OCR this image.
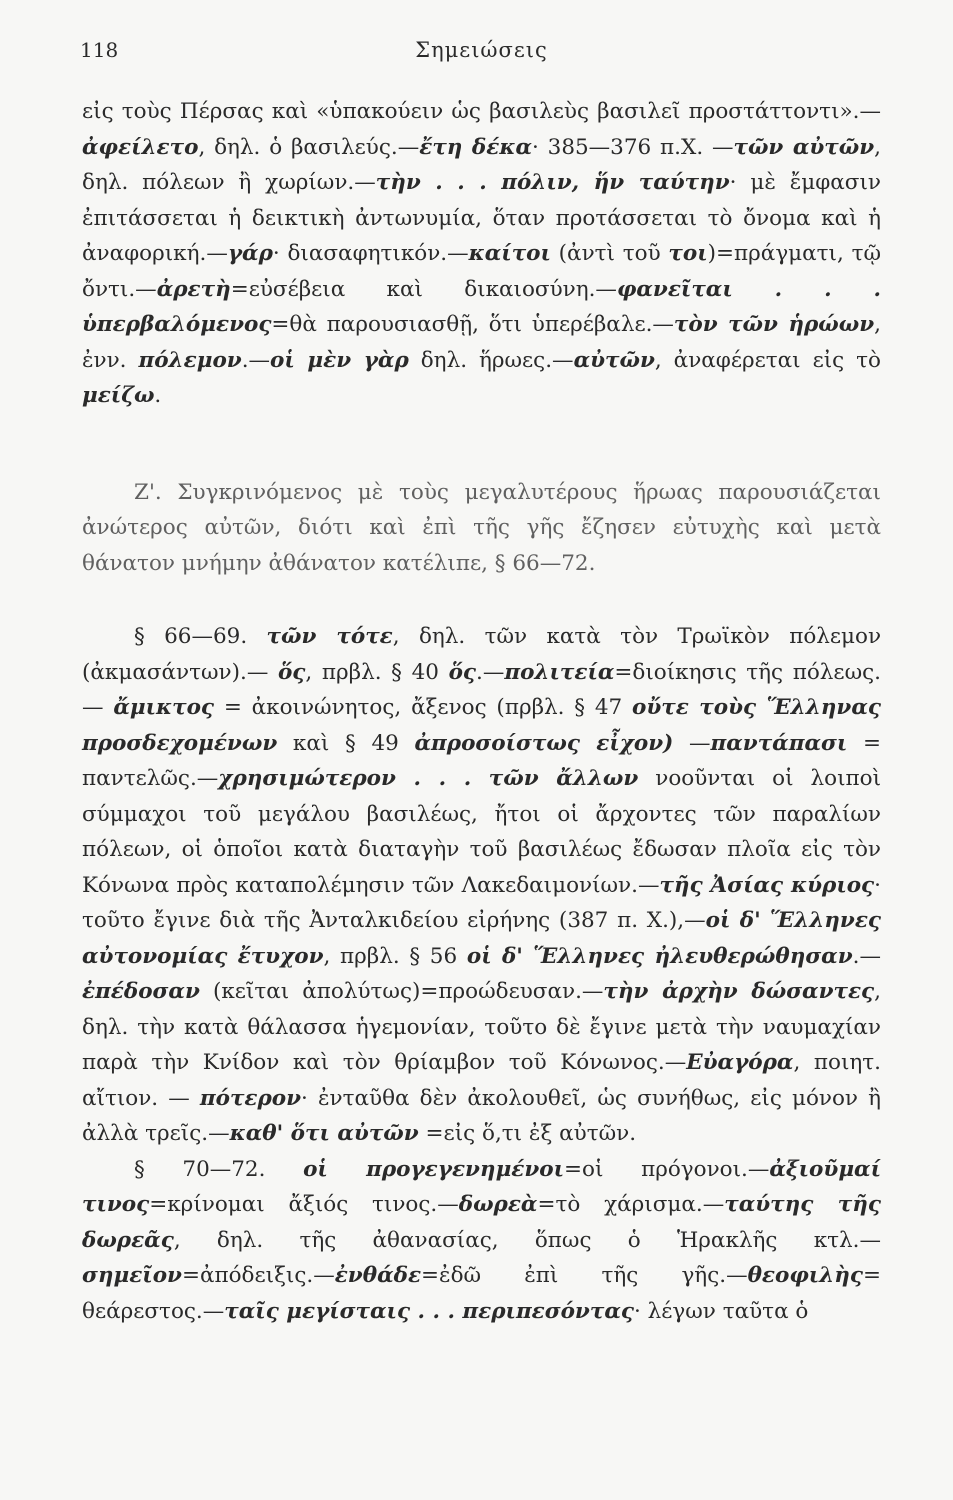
118	Σημειώσεις

εἰς τοὺς Πέρσας καὶ «ὑπακούειν ὡς βασιλεὺς βασιλεῖ προστάττοντι».—ἀφείλετο, δηλ. ὁ βασιλεύς.—ἔτη δέκα· 385—376 π.Χ. —τῶν αὐτῶν, δηλ. πόλεων ἢ χωρίων.—τὴν . . . πόλιν, ἥν ταύτην· μὲ ἔμφασιν ἐπιτάσσεται ἡ δεικτικὴ ἀντωνυμία, ὅταν προτάσσεται τὸ ὄνομα καὶ ἡ ἀναφορική.—γάρ· διασαφητικόν.—καίτοι (ἀντὶ τοῦ τοι)=πράγματι, τῷ ὄντι.—ἀρετὴ=εὐσέβεια καὶ δικαιοσύνη.—φανεῖται . . . ὑπερβαλόμενος=θὰ παρουσιασθῇ, ὅτι ὑπερέβαλε.—τὸν τῶν ἡρώων, ἐνν. πόλεμον.—οἱ μὲν γὰρ δηλ. ἥρωες.—αὐτῶν, ἀναφέρεται εἰς τὸ μείζω.

Ζ'. Συγκρινόμενος μὲ τοὺς μεγαλυτέρους ἥρωας παρουσιάζεται ἀνώτερος αὐτῶν, διότι καὶ ἐπὶ τῆς γῆς ἔζησεν εὐτυχὴς καὶ μετὰ θάνατον μνήμην ἀθάνατον κατέλιπε, § 66—72.

§ 66—69. τῶν τότε, δηλ. τῶν κατὰ τὸν Τρωϊκὸν πόλεμον (ἀκμασάντων).— ὅς, πρβλ. § 40 ὅς.—πολιτεία=διοίκησις τῆς πόλεως.— ἄμικτος = ἀκοινώνητος, ἄξενος (πρβλ. § 47 οὔτε τοὺς Ἕλληνας προσδεχομένων καὶ § 49 ἀπροσοίστως εἶχον) —παντάπασι = παντελῶς.—χρησιμώτερον . . . τῶν ἄλλων νοοῦνται οἱ λοιποὶ σύμμαχοι τοῦ μεγάλου βασιλέως, ἤτοι οἱ ἄρχοντες τῶν παραλίων πόλεων, οἱ ὁποῖοι κατὰ διαταγὴν τοῦ βασιλέως ἔδωσαν πλοῖα εἰς τὸν Κόνωνα πρὸς καταπολέμησιν τῶν Λακεδαιμονίων.—τῆς Ἀσίας κύριος· τοῦτο ἔγινε διὰ τῆς Ἀνταλκιδείου εἰρήνης (387 π. Χ.),—οἱ δ' Ἕλληνες αὐτονομίας ἔτυχον, πρβλ. § 56 οἱ δ' Ἕλληνες ἠλευθερώθησαν.— ἐπέδοσαν (κεῖται ἀπολύτως)=προώδευσαν.—τὴν ἀρχὴν δώσαντες, δηλ. τὴν κατὰ θάλασσα ἡγεμονίαν, τοῦτο δὲ ἔγινε μετὰ τὴν ναυμαχίαν παρὰ τὴν Κνίδον καὶ τὸν θρίαμβον τοῦ Κόνωνος.—Εὐαγόρα, ποιητ. αἴτιον. — πότερον· ἐνταῦθα δὲν ἀκολουθεῖ, ὡς συνήθως, εἰς μόνον ἢ ἀλλὰ τρεῖς.—καθ' ὅτι αὐτῶν =εἰς ὅ,τι ἐξ αὐτῶν.

§ 70—72. οἱ προγεγενημένοι=οἱ πρόγονοι.—ἀξιοῦμαί τινος=κρίνομαι ἄξιός τινος.—δωρεὰ=τὸ χάρισμα.—ταύτης τῆς δωρεᾶς, δηλ. τῆς ἀθανασίας, ὅπως ὁ Ἡρακλῆς κτλ.—σημεῖον=ἀπόδειξις.—ἐνθάδε=ἐδῶ ἐπὶ τῆς γῆς.—θεοφιλὴς= θεάρεστος.—ταῖς μεγίσταις . . . περιπεσόντας· λέγων ταῦτα ὁ
